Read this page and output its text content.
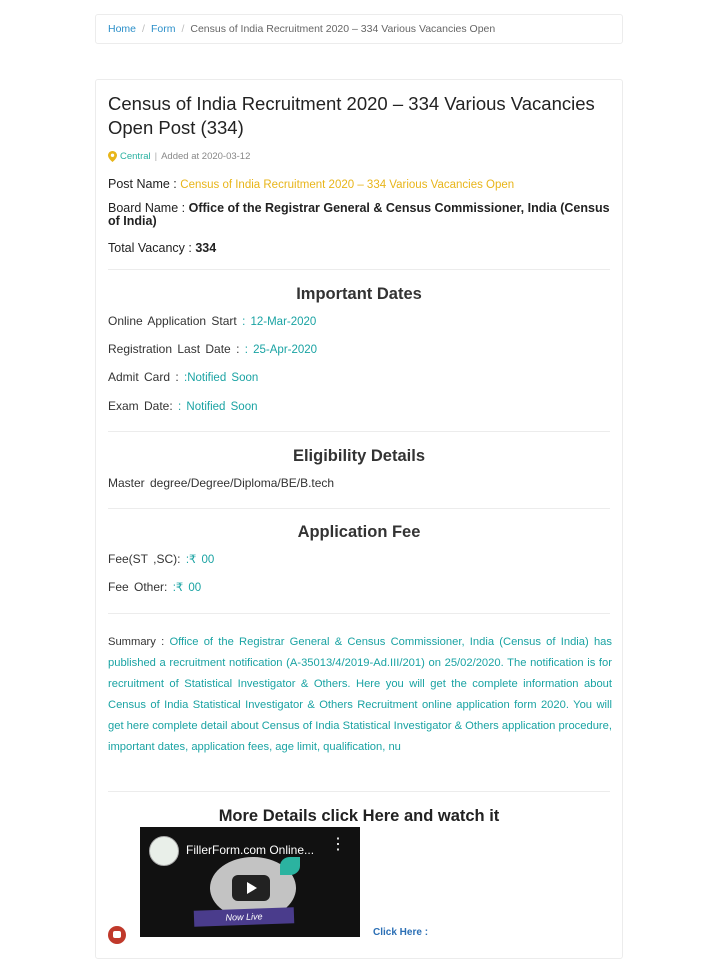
Home / Form / Census of India Recruitment 2020 – 334 Various Vacancies Open
Census of India Recruitment 2020 – 334 Various Vacancies Open Post (334)
Central | Added at
2020-03-12
Post Name : Census of India Recruitment 2020 – 334 Various Vacancies Open
Board Name : Office of the Registrar General & Census Commissioner, India (Census of India)
Total Vacancy : 334
Important Dates
Online Application Start : 12-Mar-2020
Registration Last Date : : 25-Apr-2020
Admit Card : :Notified Soon
Exam Date: : Notified Soon
Eligibility Details
Master degree/Degree/Diploma/BE/B.tech
Application Fee
Fee(ST ,SC): :₹ 00
Fee Other: :₹ 00
Summary : Office of the Registrar General & Census Commissioner, India (Census of India) has published a recruitment notification (A-35013/4/2019-Ad.III/201) on 25/02/2020. The notification is for recruitment of Statistical Investigator & Others. Here you will get the complete information about Census of India Statistical Investigator & Others Recruitment online application form 2020. You will get here complete detail about Census of India Statistical Investigator & Others application procedure, important dates, application fees, age limit, qualification, nu
More Details click Here and watch it
FillerForm.com Online... ⋮
Now Live
Click Here :
